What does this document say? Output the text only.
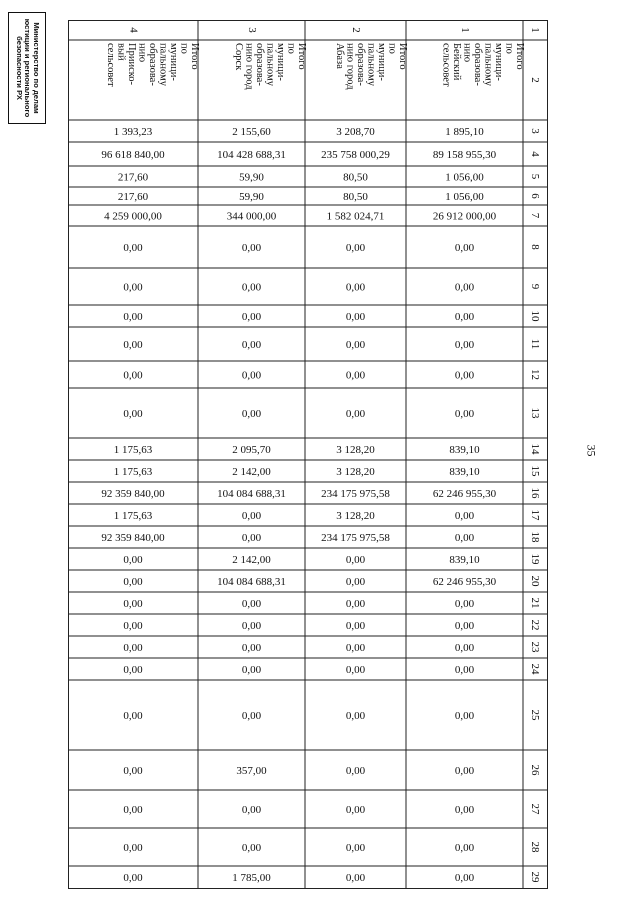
Министерство по делам
юстиции и регионального
безопасности РХ
35
1
2
3
4
5
6
7
8
9
10
11
12
13
14
15
16
17
18
19
20
21
22
23
24
25
26
27
28
29
1
Итого
по
муници-
пальному
образова-
нию
Бейский
сельсовет
1 895,10
89 158 955,30
1 056,00
1 056,00
26 912 000,00
0,00
0,00
0,00
0,00
0,00
0,00
839,10
839,10
62 246 955,30
0,00
0,00
839,10
62 246 955,30
0,00
0,00
0,00
0,00
0,00
0,00
0,00
0,00
0,00
2
Итого
по
муници-
пальному
образова-
нию город
Абаза
3 208,70
235 758 000,29
80,50
80,50
1 582 024,71
0,00
0,00
0,00
0,00
0,00
0,00
3 128,20
3 128,20
234 175 975,58
3 128,20
234 175 975,58
0,00
0,00
0,00
0,00
0,00
0,00
0,00
0,00
0,00
0,00
0,00
3
Итого
по
муници-
пальному
образова-
нию город
Сорск
2 155,60
104 428 688,31
59,90
59,90
344 000,00
0,00
0,00
0,00
0,00
0,00
0,00
2 095,70
2 142,00
104 084 688,31
0,00
0,00
2 142,00
104 084 688,31
0,00
0,00
0,00
0,00
0,00
357,00
0,00
0,00
1 785,00
4
Итого
по
муници-
пальному
образова-
нию
Прииско-
вый
сельсовет
1 393,23
96 618 840,00
217,60
217,60
4 259 000,00
0,00
0,00
0,00
0,00
0,00
0,00
1 175,63
1 175,63
92 359 840,00
1 175,63
92 359 840,00
0,00
0,00
0,00
0,00
0,00
0,00
0,00
0,00
0,00
0,00
0,00
